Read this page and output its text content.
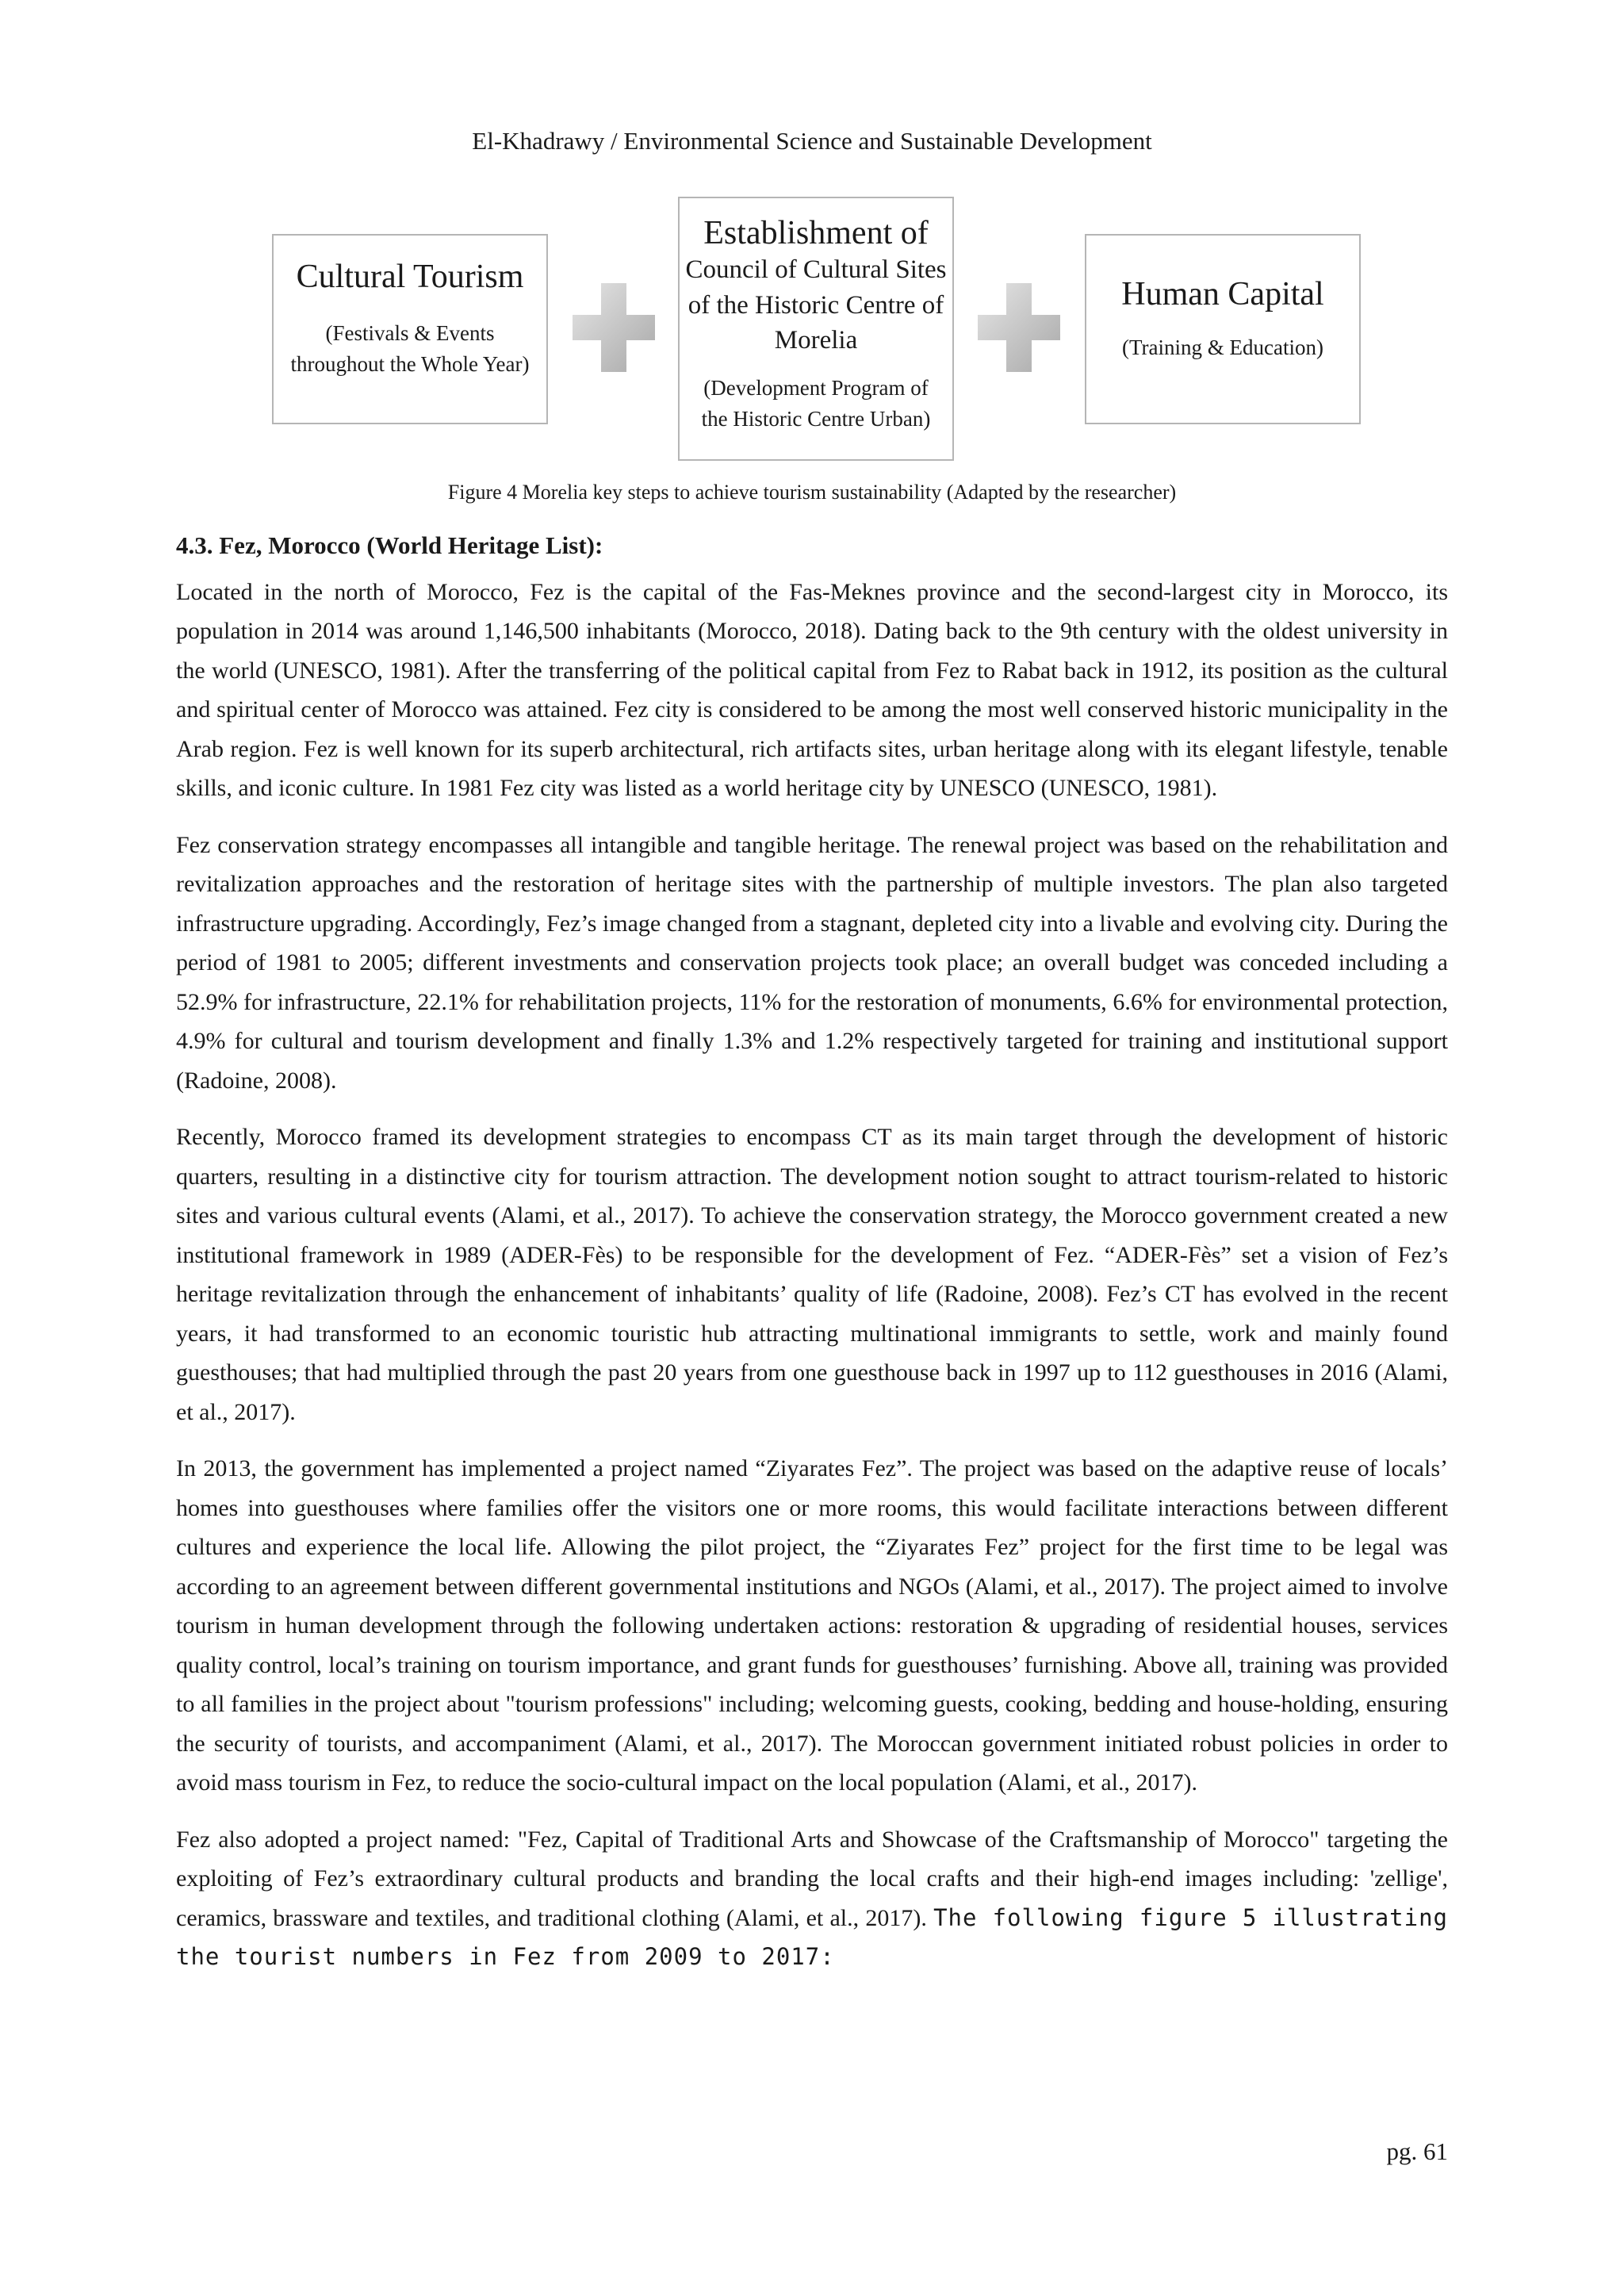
El-Khadrawy / Environmental Science and Sustainable Development
Cultural Tourism
(Festivals & Events
throughout the Whole Year)
Establishment of
Council of Cultural Sites
of the Historic Centre of
Morelia
(Development Program of
the Historic Centre Urban)
Human Capital
(Training & Education)
Figure 4 Morelia key steps to achieve tourism sustainability (Adapted by the researcher)
4.3. Fez, Morocco (World Heritage List):

Located in the north of Morocco, Fez is the capital of the Fas-Meknes province and the second-largest city in Morocco, its population in 2014 was around 1,146,500 inhabitants (Morocco, 2018). Dating back to the 9th century with the oldest university in the world (UNESCO, 1981). After the transferring of the political capital from Fez to Rabat back in 1912, its position as the cultural and spiritual center of Morocco was attained. Fez city is considered to be among the most well conserved historic municipality in the Arab region. Fez is well known for its superb architectural, rich artifacts sites, urban heritage along with its elegant lifestyle, tenable skills, and iconic culture. In 1981 Fez city was listed as a world heritage city by UNESCO (UNESCO, 1981).

Fez conservation strategy encompasses all intangible and tangible heritage. The renewal project was based on the rehabilitation and revitalization approaches and the restoration of heritage sites with the partnership of multiple investors. The plan also targeted infrastructure upgrading. Accordingly, Fez’s image changed from a stagnant, depleted city into a livable and evolving city. During the period of 1981 to 2005; different investments and conservation projects took place; an overall budget was conceded including a 52.9% for infrastructure, 22.1% for rehabilitation projects, 11% for the restoration of monuments, 6.6% for environmental protection, 4.9% for cultural and tourism development and finally 1.3% and 1.2% respectively targeted for training and institutional support (Radoine, 2008).

Recently, Morocco framed its development strategies to encompass CT as its main target through the development of historic quarters, resulting in a distinctive city for tourism attraction. The development notion sought to attract tourism-related to historic sites and various cultural events (Alami, et al., 2017). To achieve the conservation strategy, the Morocco government created a new institutional framework in 1989 (ADER-Fès) to be responsible for the development of Fez. “ADER-Fès” set a vision of Fez’s heritage revitalization through the enhancement of inhabitants’ quality of life (Radoine, 2008). Fez’s CT has evolved in the recent years, it had transformed to an economic touristic hub attracting multinational immigrants to settle, work and mainly found guesthouses; that had multiplied through the past 20 years from one guesthouse back in 1997 up to 112 guesthouses in 2016 (Alami, et al., 2017).

In 2013, the government has implemented a project named “Ziyarates Fez”. The project was based on the adaptive reuse of locals’ homes into guesthouses where families offer the visitors one or more rooms, this would facilitate interactions between different cultures and experience the local life. Allowing the pilot project, the “Ziyarates Fez” project for the first time to be legal was according to an agreement between different governmental institutions and NGOs (Alami, et al., 2017). The project aimed to involve tourism in human development through the following undertaken actions: restoration & upgrading of residential houses, services quality control, local’s training on tourism importance, and grant funds for guesthouses’ furnishing. Above all, training was provided to all families in the project about "tourism professions" including; welcoming guests, cooking, bedding and house-holding, ensuring the security of tourists, and accompaniment (Alami, et al., 2017). The Moroccan government initiated robust policies in order to avoid mass tourism in Fez, to reduce the socio-cultural impact on the local population (Alami, et al., 2017).

Fez also adopted a project named: "Fez, Capital of Traditional Arts and Showcase of the Craftsmanship of Morocco" targeting the exploiting of Fez’s extraordinary cultural products and branding the local crafts and their high-end images including: 'zellige', ceramics, brassware and textiles, and traditional clothing (Alami, et al., 2017). The following figure 5 illustrating the tourist numbers in Fez from 2009 to 2017:

pg. 61
